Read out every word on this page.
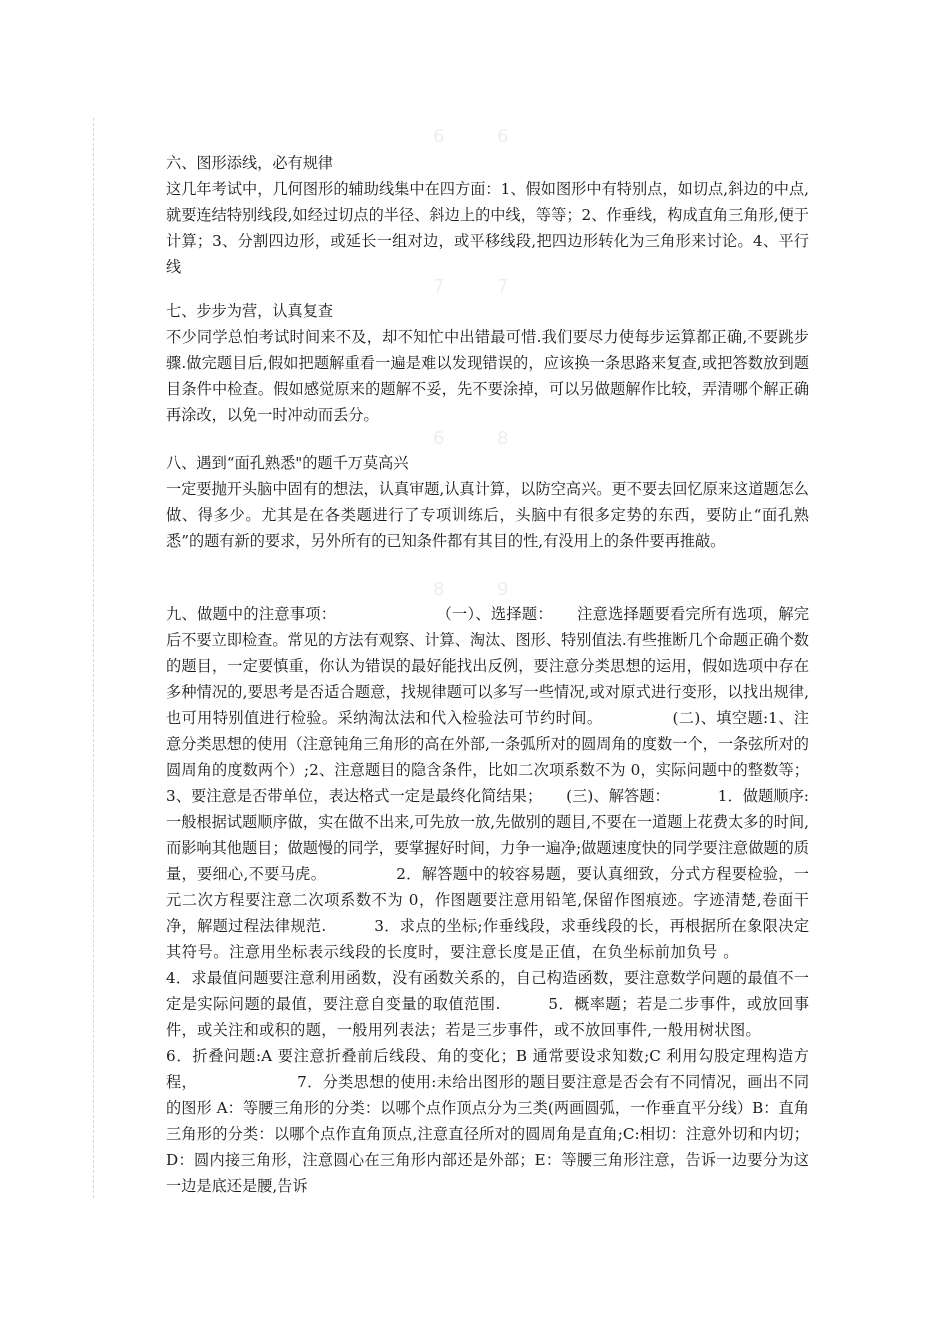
6	6
7	7
6	8
8	9

六、图形添线，必有规律

这几年考试中，几何图形的辅助线集中在四方面：1、假如图形中有特别点，如切点,斜边的中点,就要连结特别线段,如经过切点的半径、斜边上的中线，等等；2、作垂线，构成直角三角形,便于计算；3、分割四边形，或延长一组对边，或平移线段,把四边形转化为三角形来讨论。4、平行线

七、步步为营，认真复查

不少同学总怕考试时间来不及，却不知忙中出错最可惜.我们要尽力使每步运算都正确,不要跳步骤.做完题目后,假如把题解重看一遍是难以发现错误的，应该换一条思路来复查,或把答数放到题目条件中检查。假如感觉原来的题解不妥，先不要涂掉，可以另做题解作比较，弄清哪个解正确再涂改，以免一时冲动而丢分。

八、遇到“面孔熟悉"的题千万莫高兴

一定要抛开头脑中固有的想法，认真审题,认真计算，以防空高兴。更不要去回忆原来这道题怎么做、得多少。尤其是在各类题进行了专项训练后，头脑中有很多定势的东西，要防止“面孔熟悉”的题有新的要求，另外所有的已知条件都有其目的性,有没用上的条件要再推敲。

九、做题中的注意事项：	（一）、选择题： 注意选择题要看完所有选项，解完后不要立即检查。常见的方法有观察、计算、淘汰、图形、特别值法.有些推断几个命题正确个数的题目，一定要慎重，你认为错误的最好能找出反例，要注意分类思想的运用，假如选项中存在多种情况的,要思考是否适合题意，找规律题可以多写一些情况,或对原式进行变形，以找出规律,也可用特别值进行检验。采纳淘汰法和代入检验法可节约时间。	(二)、填空题:1、注意分类思想的使用（注意钝角三角形的高在外部,一条弧所对的圆周角的度数一个，一条弦所对的圆周角的度数两个）;2、注意题目的隐含条件，比如二次项系数不为 0，实际问题中的整数等；3、要注意是否带单位，表达格式一定是最终化简结果； (三)、解答题：	1．做题顺序:一般根据试题顺序做，实在做不出来,可先放一放,先做别的题目,不要在一道题上花费太多的时间,而影响其他题目；做题慢的同学，要掌握好时间，力争一遍净;做题速度快的同学要注意做题的质量，要细心,不要马虎。	2．解答题中的较容易题，要认真细致，分式方程要检验，一元二次方程要注意二次项系数不为 0，作图题要注意用铅笔,保留作图痕迹。字迹清楚,卷面干净，解题过程法律规范.	3．求点的坐标;作垂线段，求垂线段的长，再根据所在象限决定其符号。注意用坐标表示线段的长度时，要注意长度是正值，在负坐标前加负号 。4．求最值问题要注意利用函数，没有函数关系的，自己构造函数，要注意数学问题的最值不一定是实际问题的最值，要注意自变量的取值范围.	5．概率题；若是二步事件，或放回事件，或关注和或积的题，一般用列表法；若是三步事件，或不放回事件,一般用树状图。6．折叠问题:A 要注意折叠前后线段、角的变化；B 通常要设求知数;C 利用勾股定理构造方程，	7．分类思想的使用:未给出图形的题目要注意是否会有不同情况，画出不同的图形 A：等腰三角形的分类：以哪个点作顶点分为三类(两画圆弧，一作垂直平分线）B：直角三角形的分类：以哪个点作直角顶点,注意直径所对的圆周角是直角;C:相切：注意外切和内切；D：圆内接三角形，注意圆心在三角形内部还是外部；E：等腰三角形注意，告诉一边要分为这一边是底还是腰,告诉
